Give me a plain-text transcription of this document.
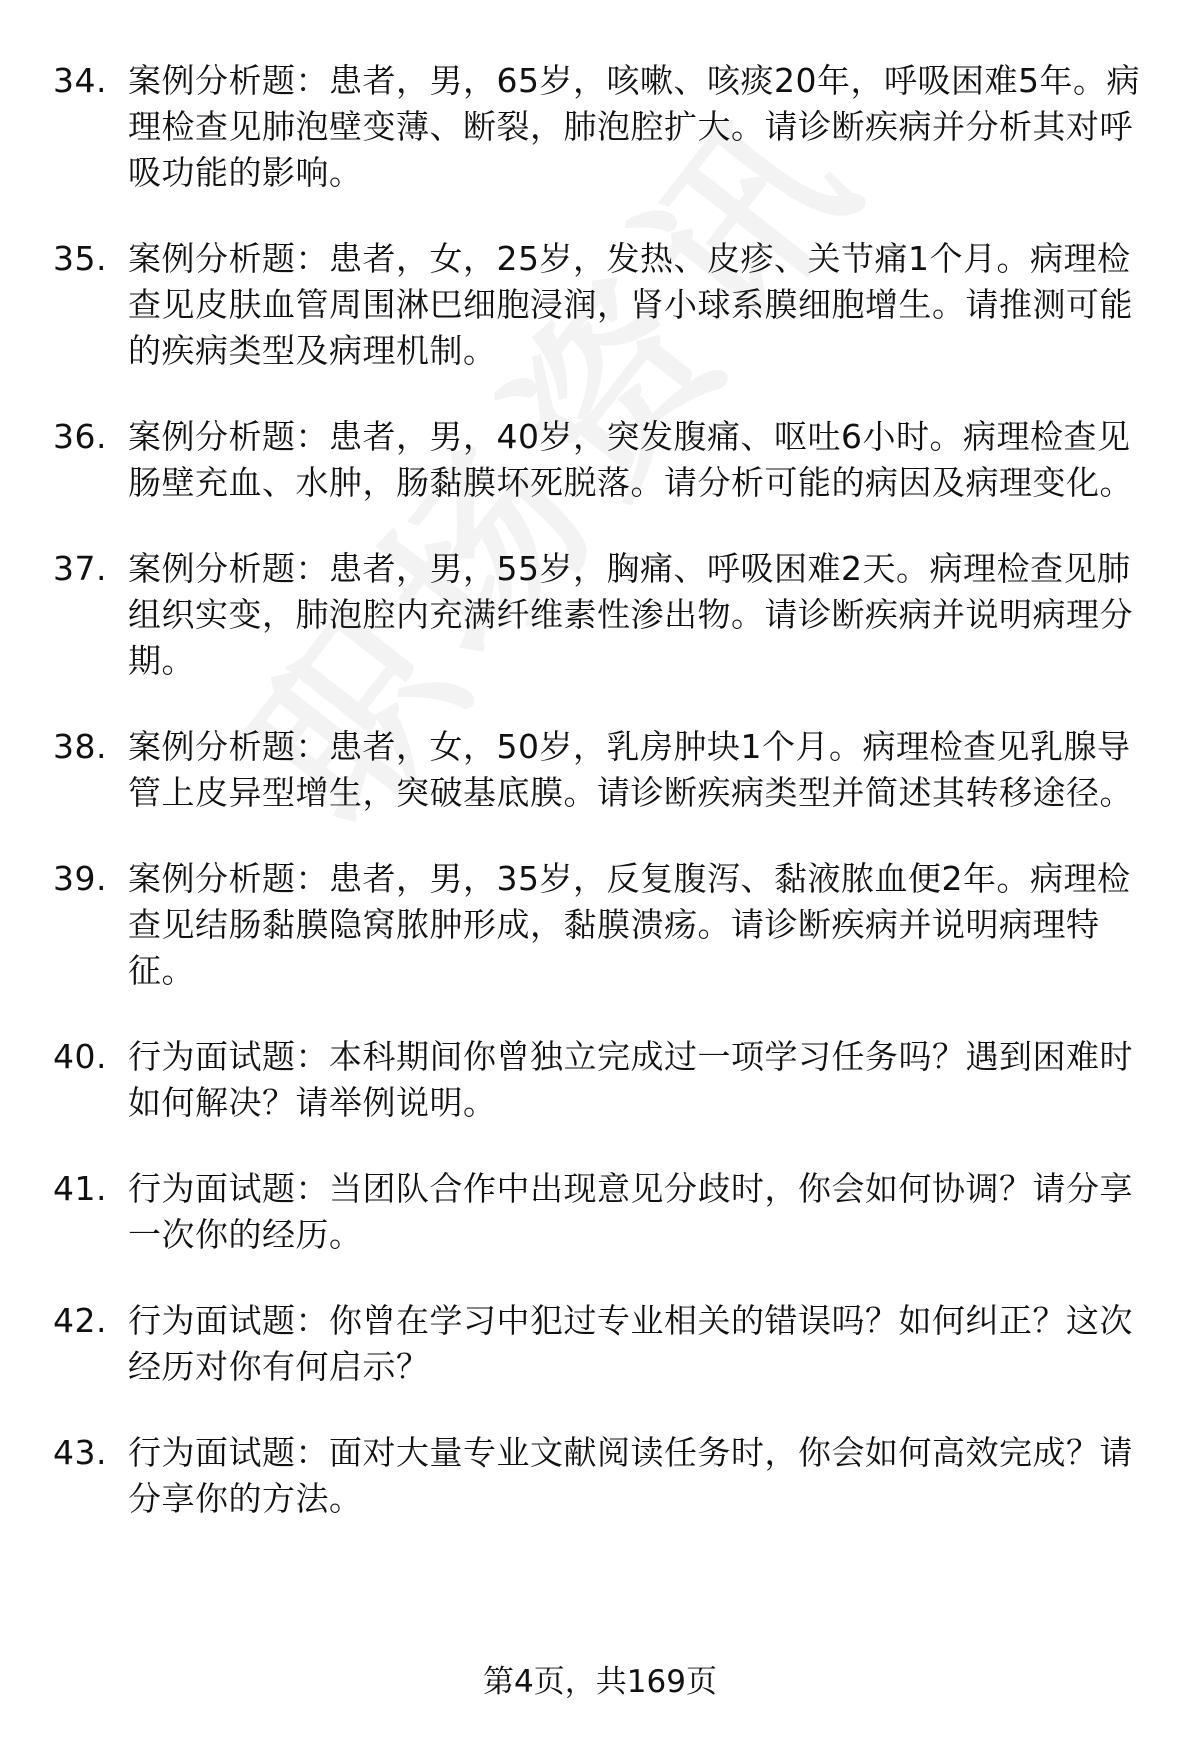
34. 案例分析题：患者，男，65岁，咳嗽、咳痰20年，呼吸困难5年。病理检查见肺泡壁变薄、断裂，肺泡腔扩大。请诊断疾病并分析其对呼吸功能的影响。
35. 案例分析题：患者，女，25岁，发热、皮疹、关节痛1个月。病理检查见皮肤血管周围淋巴细胞浸润，肾小球系膜细胞增生。请推测可能的疾病类型及病理机制。
36. 案例分析题：患者，男，40岁，突发腹痛、呕吐6小时。病理检查见肠壁充血、水肿，肠黏膜坏死脱落。请分析可能的病因及病理变化。
37. 案例分析题：患者，男，55岁，胸痛、呼吸困难2天。病理检查见肺组织实变，肺泡腔内充满纤维素性渗出物。请诊断疾病并说明病理分期。
38. 案例分析题：患者，女，50岁，乳房肿块1个月。病理检查见乳腺导管上皮异型增生，突破基底膜。请诊断疾病类型并简述其转移途径。
39. 案例分析题：患者，男，35岁，反复腹泻、黏液脓血便2年。病理检查见结肠黏膜隐窝脓肿形成，黏膜溃疡。请诊断疾病并说明病理特征。
40. 行为面试题：本科期间你曾独立完成过一项学习任务吗？遇到困难时如何解决？请举例说明。
41. 行为面试题：当团队合作中出现意见分歧时，你会如何协调？请分享一次你的经历。
42. 行为面试题：你曾在学习中犯过专业相关的错误吗？如何纠正？这次经历对你有何启示？
43. 行为面试题：面对大量专业文献阅读任务时，你会如何高效完成？请分享你的方法。
第4页，共169页
